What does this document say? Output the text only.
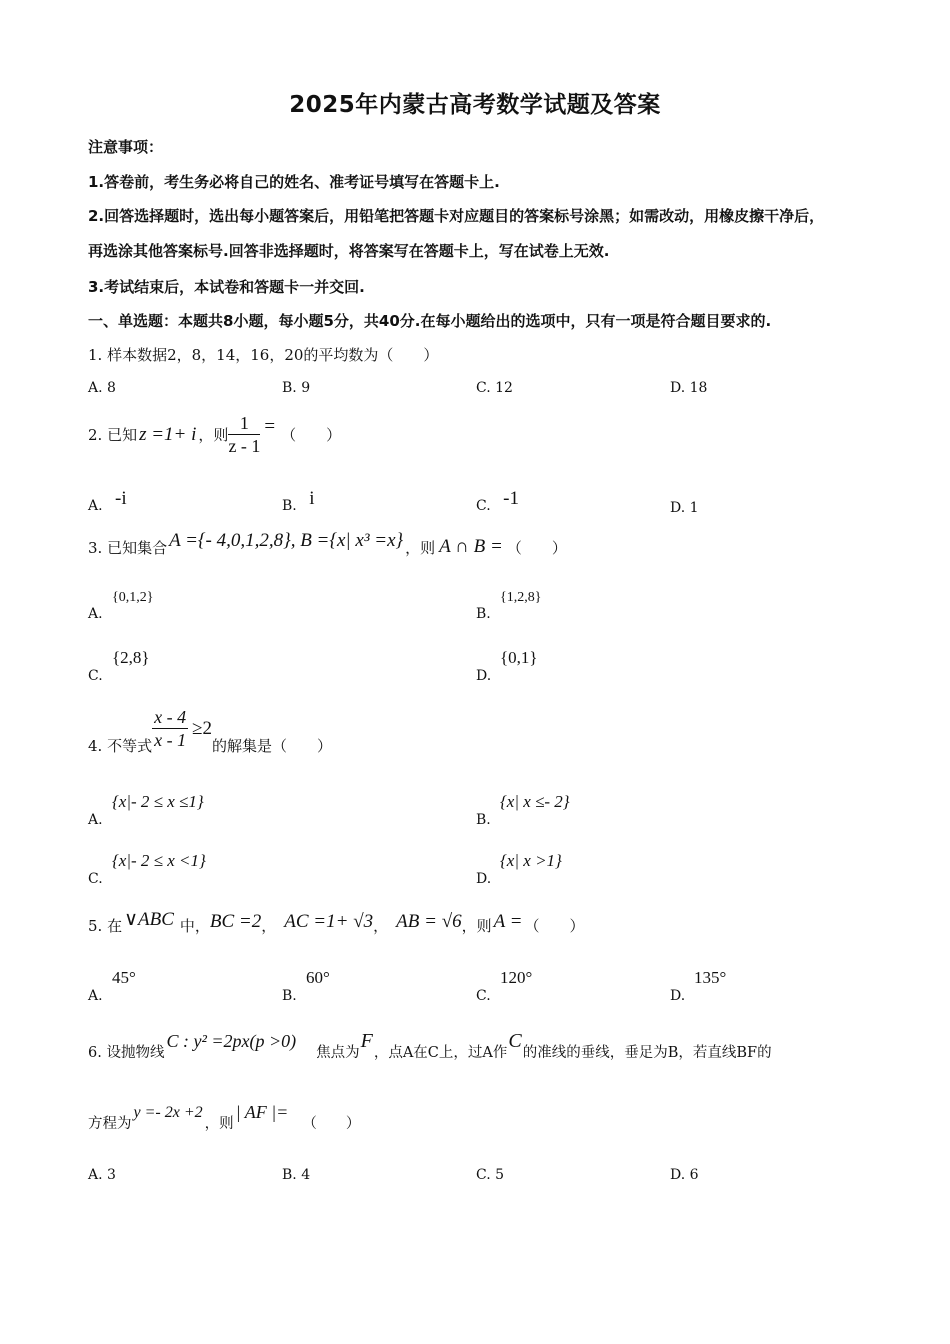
2025年内蒙古高考数学试题及答案
注意事项：
1.答卷前，考生务必将自己的姓名、准考证号填写在答题卡上.
2.回答选择题时，选出每小题答案后，用铅笔把答题卡对应题目的答案标号涂黑；如需改动，用橡皮擦干净后，
再选涂其他答案标号.回答非选择题时，将答案写在答题卡上，写在试卷上无效.
3.考试结束后，本试卷和答题卡一并交回.
一、单选题：本题共8小题，每小题5分，共40分.在每小题给出的选项中，只有一项是符合题目要求的.
1. 样本数据2，8，14，16，20的平均数为（　　）
A. 8	B. 9	C. 12	D. 18
2. 已知 z =1+ i ，则 $\frac{1}{z - 1}$ = （　　）
A. -i	B. i	C. -1	D. 1
3. 已知集合 A ={- 4,0,1,2,8}, B ={x| x³ =x} ，则 A ∩ B = （　　）
{0,1,2}
A.
{1,2,8}
B.
{2,8}
C.
{0,1}
D.
4. 不等式 $\frac{x - 4}{x - 1} \ge 2$
的解集是（　　）
{x|- 2 ≤ x ≤1}
A.
{x| x ≤- 2}
B.
{x|- 2 ≤ x <1}
C.
{x| x >1}
D.
5. 在 ∨ABC 中， BC =2 ， AC =1+ √3 ， AB = √6 ，则 A = （　　）
45°
A.
60°
B.
120°
C.
135°
D.
6. 设抛物线
C : y² =2px(p >0)
焦点为
F
，点A在C上，过A作
C
的准线的垂线，垂足为B，若直线BF的
方程为
y =- 2x +2
，则
| AF |=
（　　）
A. 3	B. 4	C. 5	D. 6
